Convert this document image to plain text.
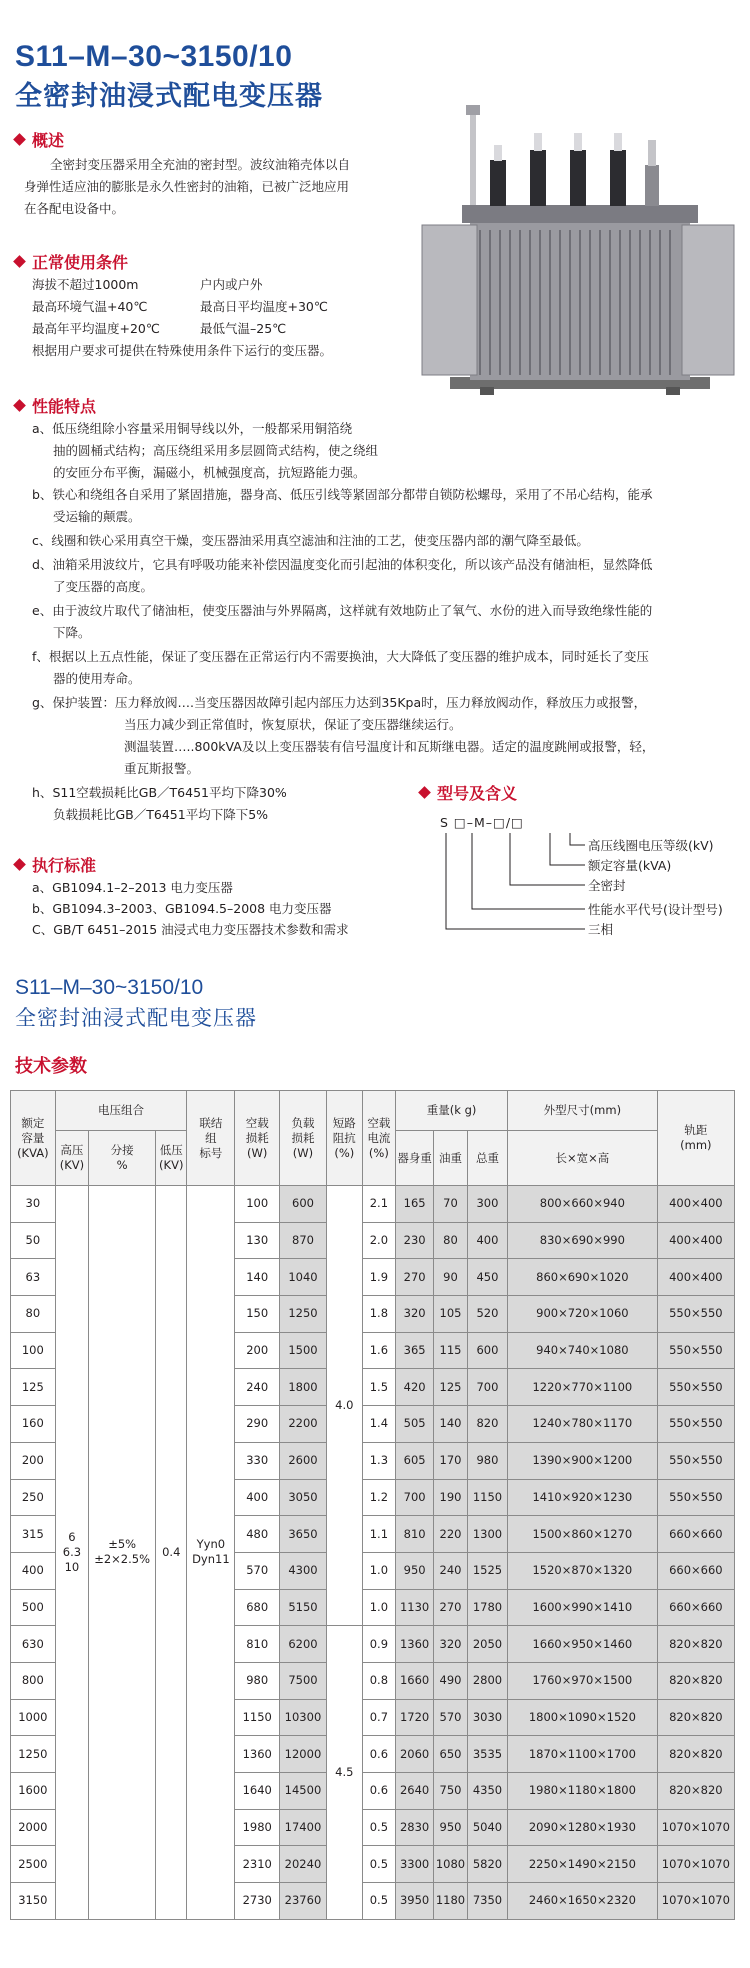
S11–M–30~3150/10
全密封油浸式配电变压器
概述
全密封变压器采用全充油的密封型。波纹油箱壳体以自
身弹性适应油的膨胀是永久性密封的油箱，已被广泛地应用
在各配电设备中。
正常使用条件
海拔不超过1000m	户内或户外
最高环境气温+40℃	最高日平均温度+30℃
最高年平均温度+20℃	最低气温–25℃
根据用户要求可提供在特殊使用条件下运行的变压器。
性能特点
a、低压绕组除小容量采用铜导线以外，一般都采用铜箔绕
抽的圆桶式结构；高压绕组采用多层圆筒式结构，使之绕组
的安匝分布平衡，漏磁小，机械强度高，抗短路能力强。
b、铁心和绕组各自采用了紧固措施，器身高、低压引线等紧固部分都带自锁防松螺母，采用了不吊心结构，能承
受运输的颠震。
c、线圈和铁心采用真空干燥，变压器油采用真空滤油和注油的工艺，使变压器内部的潮气降至最低。
d、油箱采用波纹片，它具有呼吸功能来补偿因温度变化而引起油的体积变化，所以该产品没有储油柜，显然降低
了变压器的高度。
e、由于波纹片取代了储油柜，使变压器油与外界隔离，这样就有效地防止了氧气、水份的进入而导致绝缘性能的
下降。
f、根据以上五点性能，保证了变压器在正常运行内不需要换油，大大降低了变压器的维护成本，同时延长了变压
器的使用寿命。
g、保护装置：压力释放阀….当变压器因故障引起内部压力达到35Kpa时，压力释放阀动作，释放压力或报警，
当压力减少到正常值时，恢复原状，保证了变压器继续运行。
测温装置…..800kVA及以上变压器装有信号温度计和瓦斯继电器。适定的温度跳闸或报警，轻，
重瓦斯报警。
h、S11空载损耗比GB／T6451平均下降30%
负载损耗比GB／T6451平均下降下5%
型号及含义
S □–M–□/□
高压线圈电压等级(kV)
额定容量(kVA)
全密封
性能水平代号(设计型号)
三相
执行标准
a、GB1094.1–2–2013 电力变压器
b、GB1094.3–2003、GB1094.5–2008 电力变压器
C、GB/T 6451–2015 油浸式电力变压器技术参数和需求
S11–M–30~3150/10
全密封油浸式配电变压器
技术参数
额定
容量
(KVA)	电压组合			联结
组
标号	空载
损耗
(W)	负载
损耗
(W)	短路
阻抗
(%)	空载
电流
(%)	重量(k g)			外型尺寸(mm)	轨距
(mm)
	高压
(KV)	分接
%	低压
(KV)						器身重	油重	总重	长×宽×高	
30	6
6.3
10	±5%
±2×2.5%	0.4	Yyn0
Dyn11	100	600	4.0	2.1	165	70	300	800×660×940	400×400
50					130	870		2.0	230	80	400	830×690×990	400×400
63					140	1040		1.9	270	90	450	860×690×1020	400×400
80					150	1250		1.8	320	105	520	900×720×1060	550×550
100					200	1500		1.6	365	115	600	940×740×1080	550×550
125					240	1800		1.5	420	125	700	1220×770×1100	550×550
160					290	2200		1.4	505	140	820	1240×780×1170	550×550
200					330	2600		1.3	605	170	980	1390×900×1200	550×550
250					400	3050		1.2	700	190	1150	1410×920×1230	550×550
315					480	3650		1.1	810	220	1300	1500×860×1270	660×660
400					570	4300		1.0	950	240	1525	1520×870×1320	660×660
500					680	5150		1.0	1130	270	1780	1600×990×1410	660×660
630					810	6200	4.5	0.9	1360	320	2050	1660×950×1460	820×820
800					980	7500		0.8	1660	490	2800	1760×970×1500	820×820
1000					1150	10300		0.7	1720	570	3030	1800×1090×1520	820×820
1250					1360	12000		0.6	2060	650	3535	1870×1100×1700	820×820
1600					1640	14500		0.6	2640	750	4350	1980×1180×1800	820×820
2000					1980	17400		0.5	2830	950	5040	2090×1280×1930	1070×1070
2500					2310	20240		0.5	3300	1080	5820	2250×1490×2150	1070×1070
3150					2730	23760		0.5	3950	1180	7350	2460×1650×2320	1070×1070
